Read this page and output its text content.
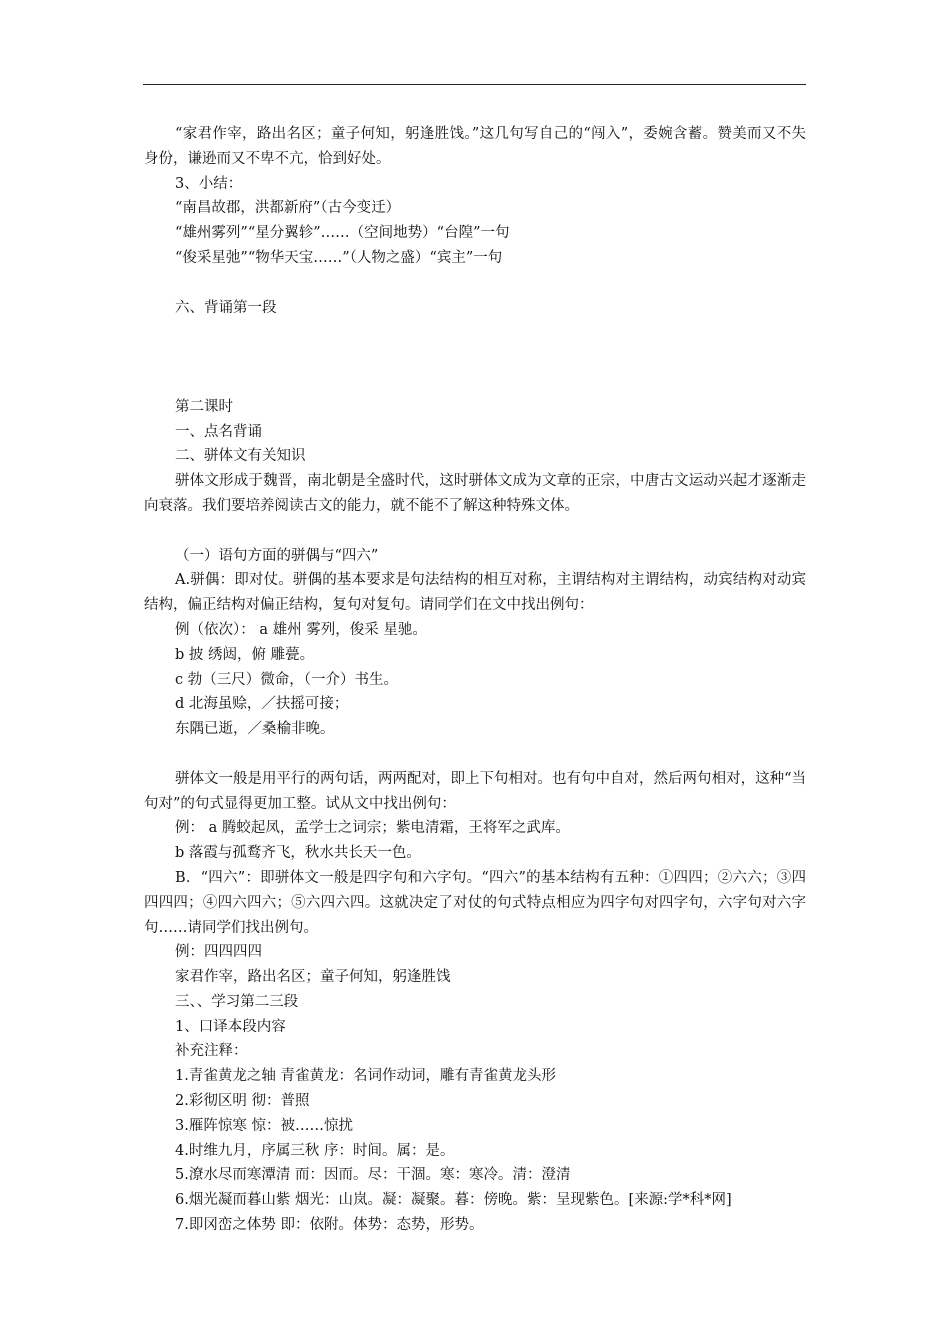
“家君作宰，路出名区；童子何知，躬逢胜饯。”这几句写自己的“闯入”，委婉含蓄。赞美而又不失身份，谦逊而又不卑不亢，恰到好处。
3、小结：
“南昌故郡，洪都新府”（古今变迁）
“雄州雾列”“星分翼轸”……（空间地势）“台隍”一句
“俊采星弛”“物华天宝……”（人物之盛）“宾主”一句
六、背诵第一段
第二课时
一、点名背诵
二、骈体文有关知识
骈体文形成于魏晋，南北朝是全盛时代，这时骈体文成为文章的正宗，中唐古文运动兴起才逐渐走向衰落。我们要培养阅读古文的能力，就不能不了解这种特殊文体。
（一）语句方面的骈偶与“四六”
A.骈偶：即对仗。骈偶的基本要求是句法结构的相互对称，主谓结构对主谓结构，动宾结构对动宾结构，偏正结构对偏正结构，复句对复句。请同学们在文中找出例句：
例（依次）： a 雄州 雾列，俊采 星驰。
b 披 绣闼，俯 雕甍。
c 勃（三尺）微命，（一介）书生。
d 北海虽赊，／扶摇可接；
东隅已逝，／桑榆非晚。
骈体文一般是用平行的两句话，两两配对，即上下句相对。也有句中自对，然后两句相对，这种“当句对”的句式显得更加工整。试从文中找出例句：
例： a 腾蛟起凤，孟学士之词宗；紫电清霜，王将军之武库。
b 落霞与孤鹜齐飞，秋水共长天一色。
B．“四六”：即骈体文一般是四字句和六字句。“四六”的基本结构有五种：①四四；②六六；③四四四四；④四六四六；⑤六四六四。这就决定了对仗的句式特点相应为四字句对四字句，六字句对六字句……请同学们找出例句。
例：四四四四
家君作宰，路出名区；童子何知，躬逢胜饯
三、、学习第二三段
1、口译本段内容
补充注释：
1.青雀黄龙之轴 青雀黄龙：名词作动词，雕有青雀黄龙头形
2.彩彻区明 彻：普照
3.雁阵惊寒 惊：被……惊扰
4.时维九月，序属三秋 序：时间。属：是。
5.潦水尽而寒潭清 而：因而。尽：干涸。寒：寒冷。清：澄清
6.烟光凝而暮山紫 烟光：山岚。凝：凝聚。暮：傍晚。紫：呈现紫色。[来源:学*科*网]
7.即冈峦之体势 即：依附。体势：态势，形势。
